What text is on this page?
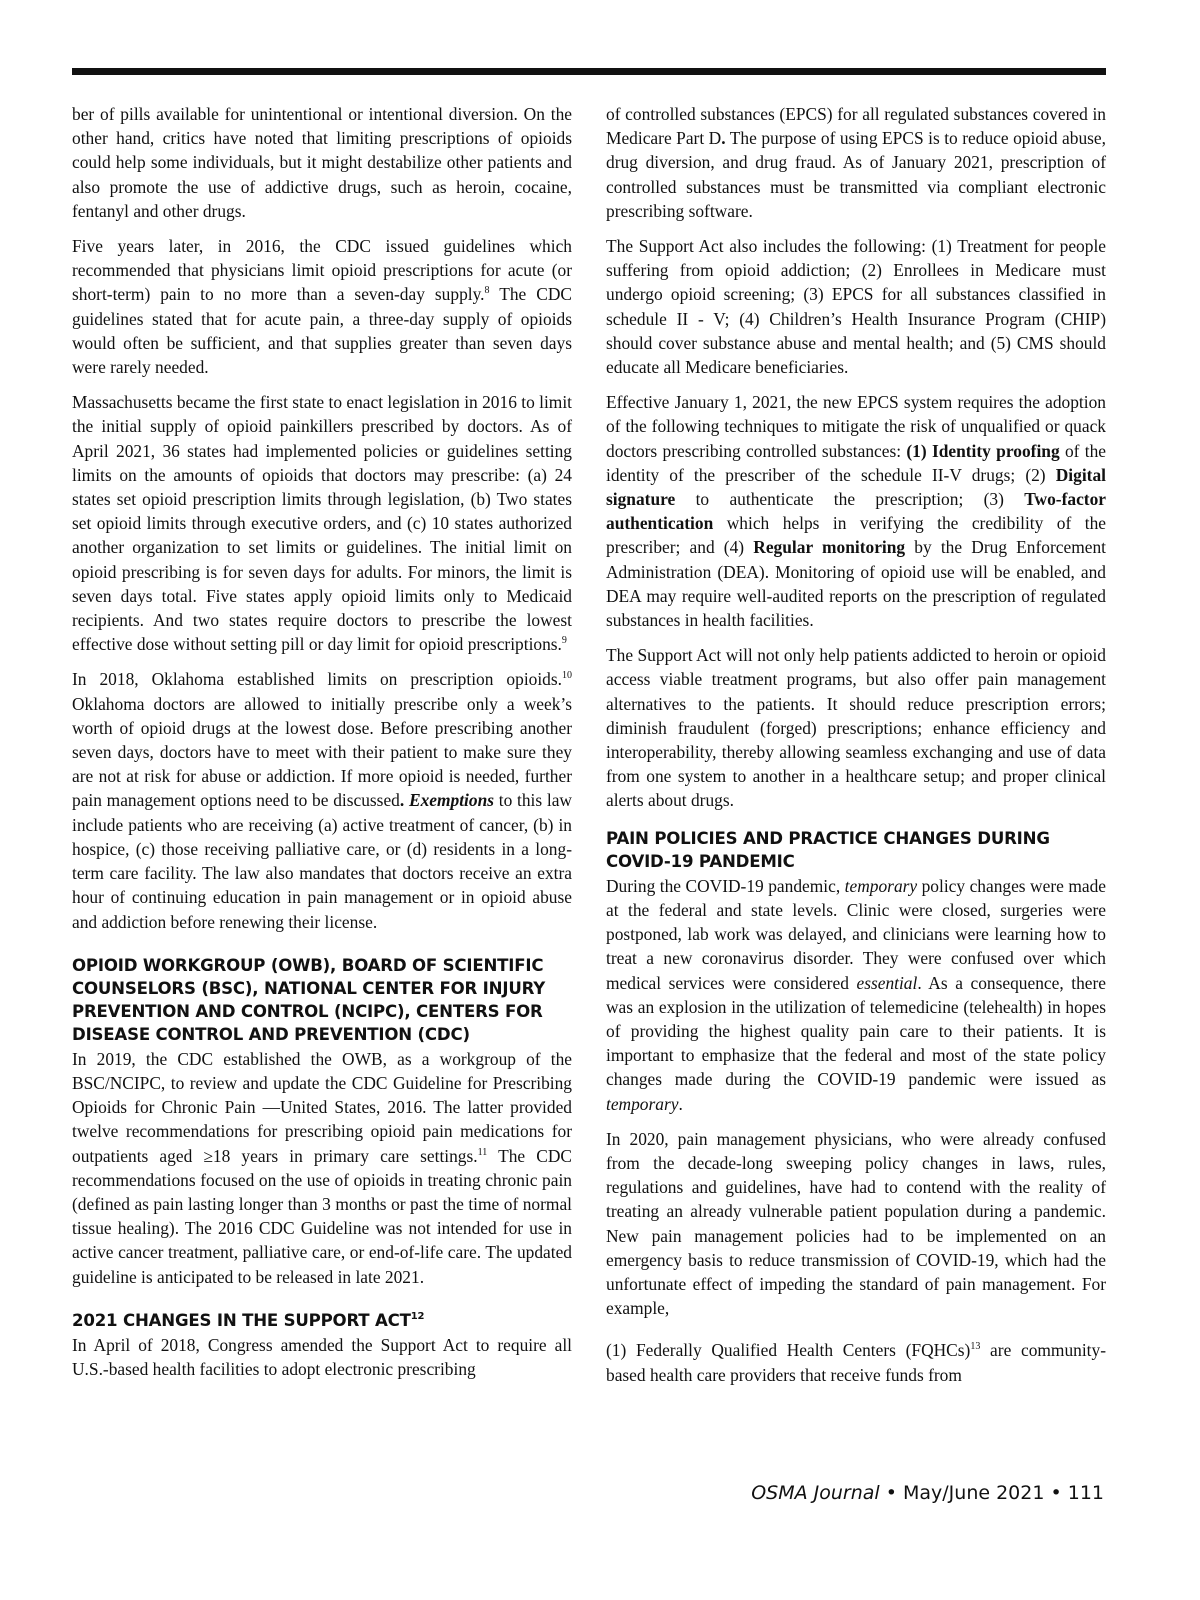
ber of pills available for unintentional or intentional diversion. On the other hand, critics have noted that limiting prescriptions of opioids could help some individuals, but it might destabilize other patients and also promote the use of addictive drugs, such as heroin, cocaine, fentanyl and other drugs.

Five years later, in 2016, the CDC issued guidelines which recommended that physicians limit opioid prescriptions for acute (or short-term) pain to no more than a seven-day supply.$^8$ The CDC guidelines stated that for acute pain, a three-day supply of opioids would often be sufficient, and that supplies greater than seven days were rarely needed.

Massachusetts became the first state to enact legislation in 2016 to limit the initial supply of opioid painkillers prescribed by doctors. As of April 2021, 36 states had implemented policies or guidelines setting limits on the amounts of opioids that doctors may prescribe: (a) 24 states set opioid prescription limits through legislation, (b) Two states set opioid limits through executive orders, and (c) 10 states authorized another organization to set limits or guidelines. The initial limit on opioid prescribing is for seven days for adults. For minors, the limit is seven days total. Five states apply opioid limits only to Medicaid recipients. And two states require doctors to prescribe the lowest effective dose without setting pill or day limit for opioid prescriptions.$^9$

In 2018, Oklahoma established limits on prescription opioids.$^{10}$ Oklahoma doctors are allowed to initially prescribe only a week’s worth of opioid drugs at the lowest dose. Before prescribing another seven days, doctors have to meet with their patient to make sure they are not at risk for abuse or addiction. If more opioid is needed, further pain management options need to be discussed. Exemptions to this law include patients who are receiving (a) active treatment of cancer, (b) in hospice, (c) those receiving palliative care, or (d) residents in a long-term care facility. The law also mandates that doctors receive an extra hour of continuing education in pain management or in opioid abuse and addiction before renewing their license.

OPIOID WORKGROUP (OWB), BOARD OF SCIENTIFIC COUNSELORS (BSC), NATIONAL CENTER FOR INJURY PREVENTION AND CONTROL (NCIPC), CENTERS FOR DISEASE CONTROL AND PREVENTION (CDC)

In 2019, the CDC established the OWB, as a workgroup of the BSC/NCIPC, to review and update the CDC Guideline for Prescribing Opioids for Chronic Pain —United States, 2016. The latter provided twelve recommendations for prescribing opioid pain medications for outpatients aged ≥18 years in primary care settings.$^{11}$ The CDC recommendations focused on the use of opioids in treating chronic pain (defined as pain lasting longer than 3 months or past the time of normal tissue healing). The 2016 CDC Guideline was not intended for use in active cancer treatment, palliative care, or end-of-life care. The updated guideline is anticipated to be released in late 2021.

2021 CHANGES IN THE SUPPORT ACT$^{12}$

In April of 2018, Congress amended the Support Act to require all U.S.-based health facilities to adopt electronic prescribing

of controlled substances (EPCS) for all regulated substances covered in Medicare Part D. The purpose of using EPCS is to reduce opioid abuse, drug diversion, and drug fraud. As of January 2021, prescription of controlled substances must be transmitted via compliant electronic prescribing software.

The Support Act also includes the following: (1) Treatment for people suffering from opioid addiction; (2) Enrollees in Medicare must undergo opioid screening; (3) EPCS for all substances classified in schedule II - V; (4) Children’s Health Insurance Program (CHIP) should cover substance abuse and mental health; and (5) CMS should educate all Medicare beneficiaries.

Effective January 1, 2021, the new EPCS system requires the adoption of the following techniques to mitigate the risk of unqualified or quack doctors prescribing controlled substances: (1) Identity proofing of the identity of the prescriber of the schedule II-V drugs; (2) Digital signature to authenticate the prescription; (3) Two-factor authentication which helps in verifying the credibility of the prescriber; and (4) Regular monitoring by the Drug Enforcement Administration (DEA). Monitoring of opioid use will be enabled, and DEA may require well-audited reports on the prescription of regulated substances in health facilities.

The Support Act will not only help patients addicted to heroin or opioid access viable treatment programs, but also offer pain management alternatives to the patients. It should reduce prescription errors; diminish fraudulent (forged) prescriptions; enhance efficiency and interoperability, thereby allowing seamless exchanging and use of data from one system to another in a healthcare setup; and proper clinical alerts about drugs.

PAIN POLICIES AND PRACTICE CHANGES DURING COVID-19 PANDEMIC

During the COVID-19 pandemic, temporary policy changes were made at the federal and state levels. Clinic were closed, surgeries were postponed, lab work was delayed, and clinicians were learning how to treat a new coronavirus disorder. They were confused over which medical services were considered essential. As a consequence, there was an explosion in the utilization of telemedicine (telehealth) in hopes of providing the highest quality pain care to their patients. It is important to emphasize that the federal and most of the state policy changes made during the COVID-19 pandemic were issued as temporary.

In 2020, pain management physicians, who were already confused from the decade-long sweeping policy changes in laws, rules, regulations and guidelines, have had to contend with the reality of treating an already vulnerable patient population during a pandemic. New pain management policies had to be implemented on an emergency basis to reduce transmission of COVID-19, which had the unfortunate effect of impeding the standard of pain management. For example,

(1) Federally Qualified Health Centers (FQHCs)$^{13}$ are community-based health care providers that receive funds from

OSMA Journal • May/June 2021 • 111
